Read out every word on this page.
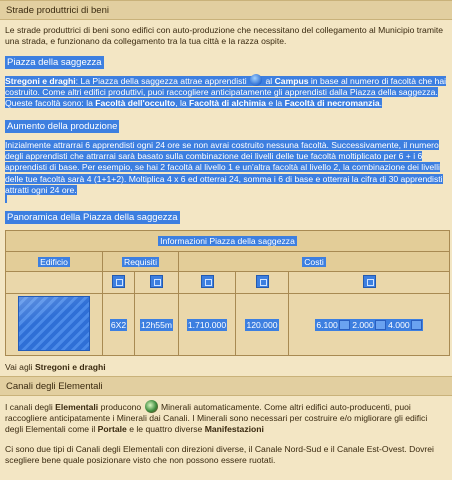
Strade produttrici di beni
Le strade produttrici di beni sono edifici con auto-produzione che necessitano del collegamento al Municipio tramite una strada, e funzionano da collegamento tra la tua città e la razza ospite.
Piazza della saggezza
Stregoni e draghi: La Piazza della saggezza attrae apprendisti al Campus in base al numero di facoltà che hai costruito. Come altri edifici produttivi, puoi raccogliere anticipatamente gli apprendisti dalla Piazza della saggezza. Queste facoltà sono: la Facoltà dell'occulto, la Facoltà di alchimia e la Facoltà di necromanzia.
Aumento della produzione
Inizialmente attrarrai 6 apprendisti ogni 24 ore se non avrai costruito nessuna facoltà. Successivamente, il numero degli apprendisti che attrarrai sarà basato sulla combinazione dei livelli delle tue facoltà moltiplicato per 6 + i 6 apprendisti di base. Per esempio, se hai 2 facoltà al livello 1 e un'altra facoltà al livello 2, la combinazione dei livelli delle tue facoltà sarà 4 (1+1+2). Moltiplica 4 x 6 ed otterrai 24, somma i 6 di base e otterrai la cifra di 30 apprendisti attratti ogni 24 ore.
Panoramica della Piazza della saggezza
Informazioni Piazza della saggezza					
Edificio	Requisiti		Costi		

	6X2	12h55m	1.710.000	120.000	6.100 2.000 4.000
Vai agli Stregoni e draghi
Canali degli Elementali
I canali degli Elementali producono Minerali automaticamente. Come altri edifici auto-producenti, puoi raccogliere anticipatamente i Minerali dai Canali. I Minerali sono necessari per costruire e/o migliorare gli edifici degli Elementali come il Portale e le quattro diverse Manifestazioni
Ci sono due tipi di Canali degli Elementali con direzioni diverse, il Canale Nord-Sud e il Canale Est-Ovest. Dovrei scegliere bene quale posizionare visto che non possono essere ruotati.
